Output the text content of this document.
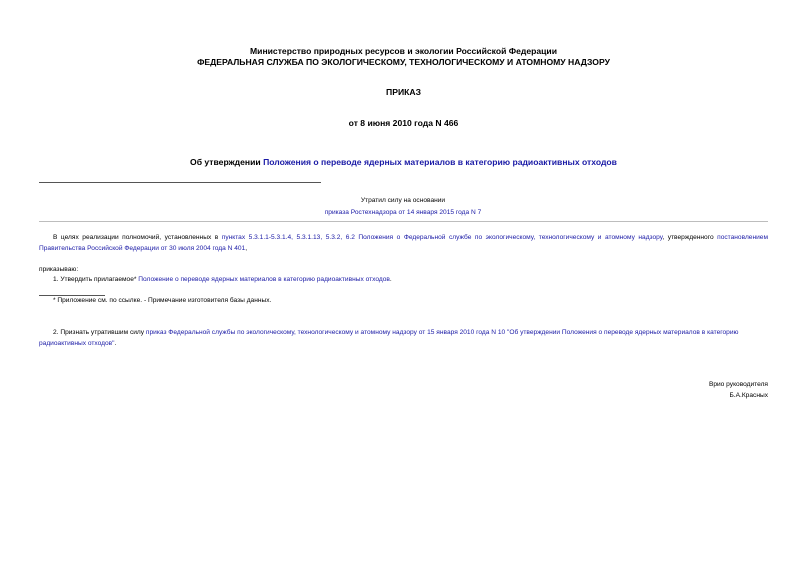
Министерство природных ресурсов и экологии Российской Федерации
ФЕДЕРАЛЬНАЯ СЛУЖБА ПО ЭКОЛОГИЧЕСКОМУ, ТЕХНОЛОГИЧЕСКОМУ И АТОМНОМУ НАДЗОРУ
ПРИКАЗ
от 8 июня 2010 года N 466
Об утверждении Положения о переводе ядерных материалов в категорию радиоактивных отходов
Утратил силу на основании
приказа Ростехнадзора от 14 января 2015 года N 7
В целях реализации полномочий, установленных в пунктах 5.3.1.1-5.3.1.4, 5.3.1.13, 5.3.2, 6.2 Положения о Федеральной службе по экологическому, технологическому и атомному надзору, утвержденного постановлением Правительства Российской Федерации от 30 июля 2004 года N 401,
приказываю:
1. Утвердить прилагаемое* Положение о переводе ядерных материалов в категорию радиоактивных отходов.
* Приложение см. по ссылке. - Примечание изготовителя базы данных.
2. Признать утратившим силу приказ Федеральной службы по экологическому, технологическому и атомному надзору от 15 января 2010 года N 10 "Об утверждении Положения о переводе ядерных материалов в категорию радиоактивных отходов".
Врио руководителя
Б.А.Красных
